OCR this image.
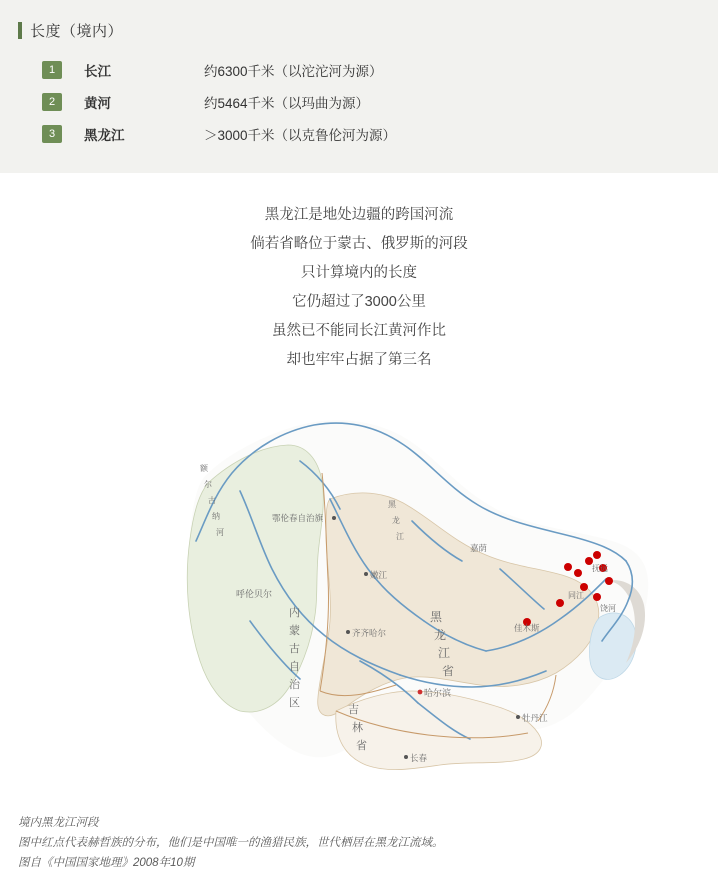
长度（境内）
1	长江	约6300千米（以沱沱河为源）
2	黄河	约5464千米（以玛曲为源）
3	黑龙江	＞3000千米（以克鲁伦河为源）
黑龙江是地处边疆的跨国河流
倘若省略位于蒙古、俄罗斯的河段
只计算境内的长度
它仍超过了3000公里
虽然已不能同长江黄河作比
却也牢牢占据了第三名
内
蒙
古
自
治
区
黑
龙
江
省
吉
林
省
额
尔
古
纳
河
黑
龙
江
鄂伦春自治旗
呼伦贝尔
嫩江
齐齐哈尔
哈尔滨
牡丹江
长春
嘉荫
同江
抚远
饶河
佳木斯
境内黑龙江河段
图中红点代表赫哲族的分布，他们是中国唯一的渔猎民族，世代栖居在黑龙江流域。
图自《中国国家地理》2008年10期
